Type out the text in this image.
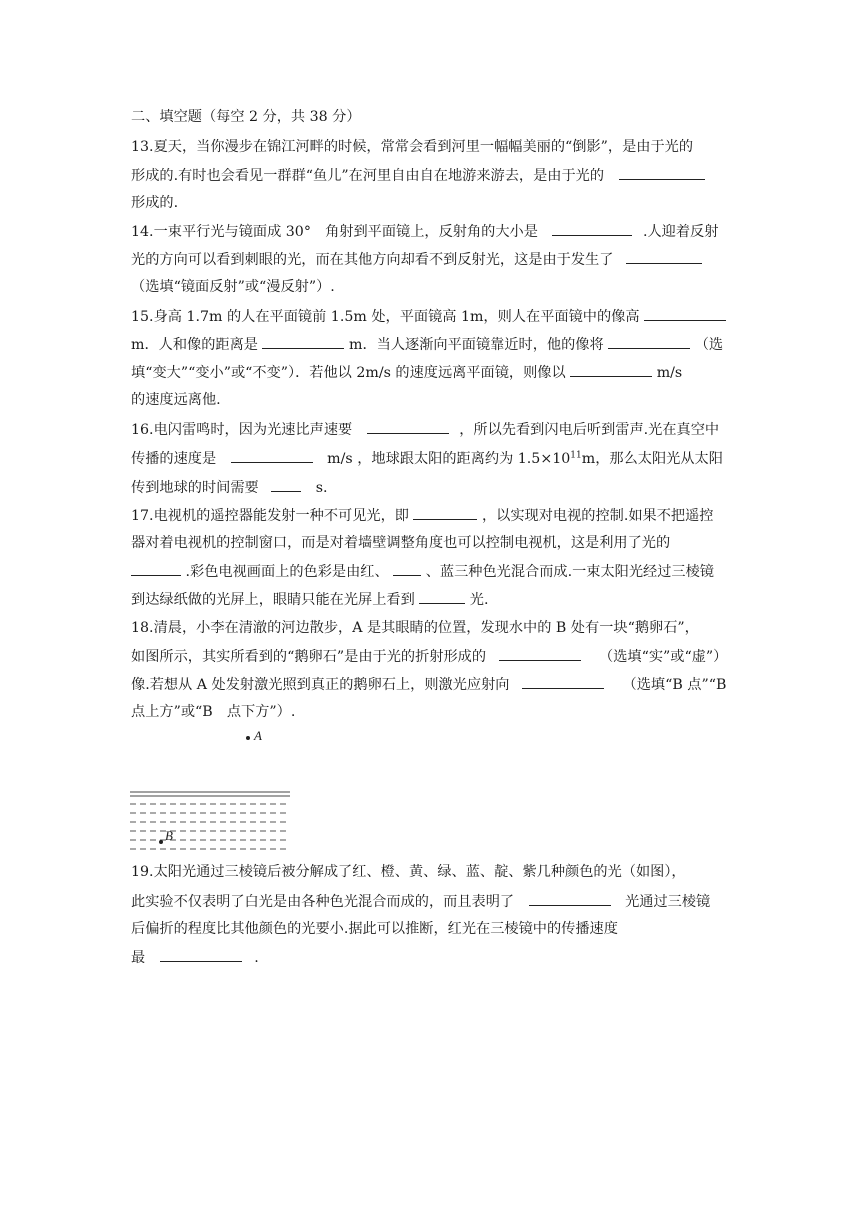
二、填空题（每空 2 分，共 38 分）
13.夏天，当你漫步在锦江河畔的时候，常常会看到河里一幅幅美丽的“倒影”，是由于光的
形成的.有时也会看见一群群“鱼儿”在河里自由自在地游来游去，是由于光的
形成的.
14.一束平行光与镜面成 30°　角射到平面镜上，反射角的大小是	.人迎着反射
光的方向可以看到刺眼的光，而在其他方向却看不到反射光，这是由于发生了
（选填“镜面反射”或“漫反射”）.
15.身高 1.7m 的人在平面镜前 1.5m 处，平面镜高 1m，则人在平面镜中的像高
m．人和像的距离是	m．当人逐渐向平面镜靠近时，他的像将	（选
填“变大”“变小”或“不变”）．若他以 2m/s 的速度远离平面镜，则像以	m/s
的速度远离他.
16.电闪雷鸣时，因为光速比声速要	，所以先看到闪电后听到雷声.光在真空中
传播的速度是	m/s ，地球跟太阳的距离约为 $1.5\times 10^{11}m$，那么太阳光从太阳
传到地球的时间需要	s.
17.电视机的遥控器能发射一种不可见光，即	，以实现对电视的控制.如果不把遥控
器对着电视机的控制窗口，而是对着墙壁调整角度也可以控制电视机，这是利用了光的
.彩色电视画面上的色彩是由红、	、蓝三种色光混合而成.一束太阳光经过三棱镜
到达绿纸做的光屏上，眼睛只能在光屏上看到	光.
18.清晨，小李在清澈的河边散步，A 是其眼睛的位置，发现水中的 B 处有一块“鹅卵石”，
如图所示，其实所看到的“鹅卵石”是由于光的折射形成的	（选填“实”或“虚”）
像.若想从 A 处发射激光照到真正的鹅卵石上，则激光应射向	（选填“B 点”“B
点上方”或“B　点下方”）.
A
B
19.太阳光通过三棱镜后被分解成了红、橙、黄、绿、蓝、靛、紫几种颜色的光（如图），
此实验不仅表明了白光是由各种色光混合而成的，而且表明了	光通过三棱镜
后偏折的程度比其他颜色的光要小.据此可以推断，红光在三棱镜中的传播速度
最	.
